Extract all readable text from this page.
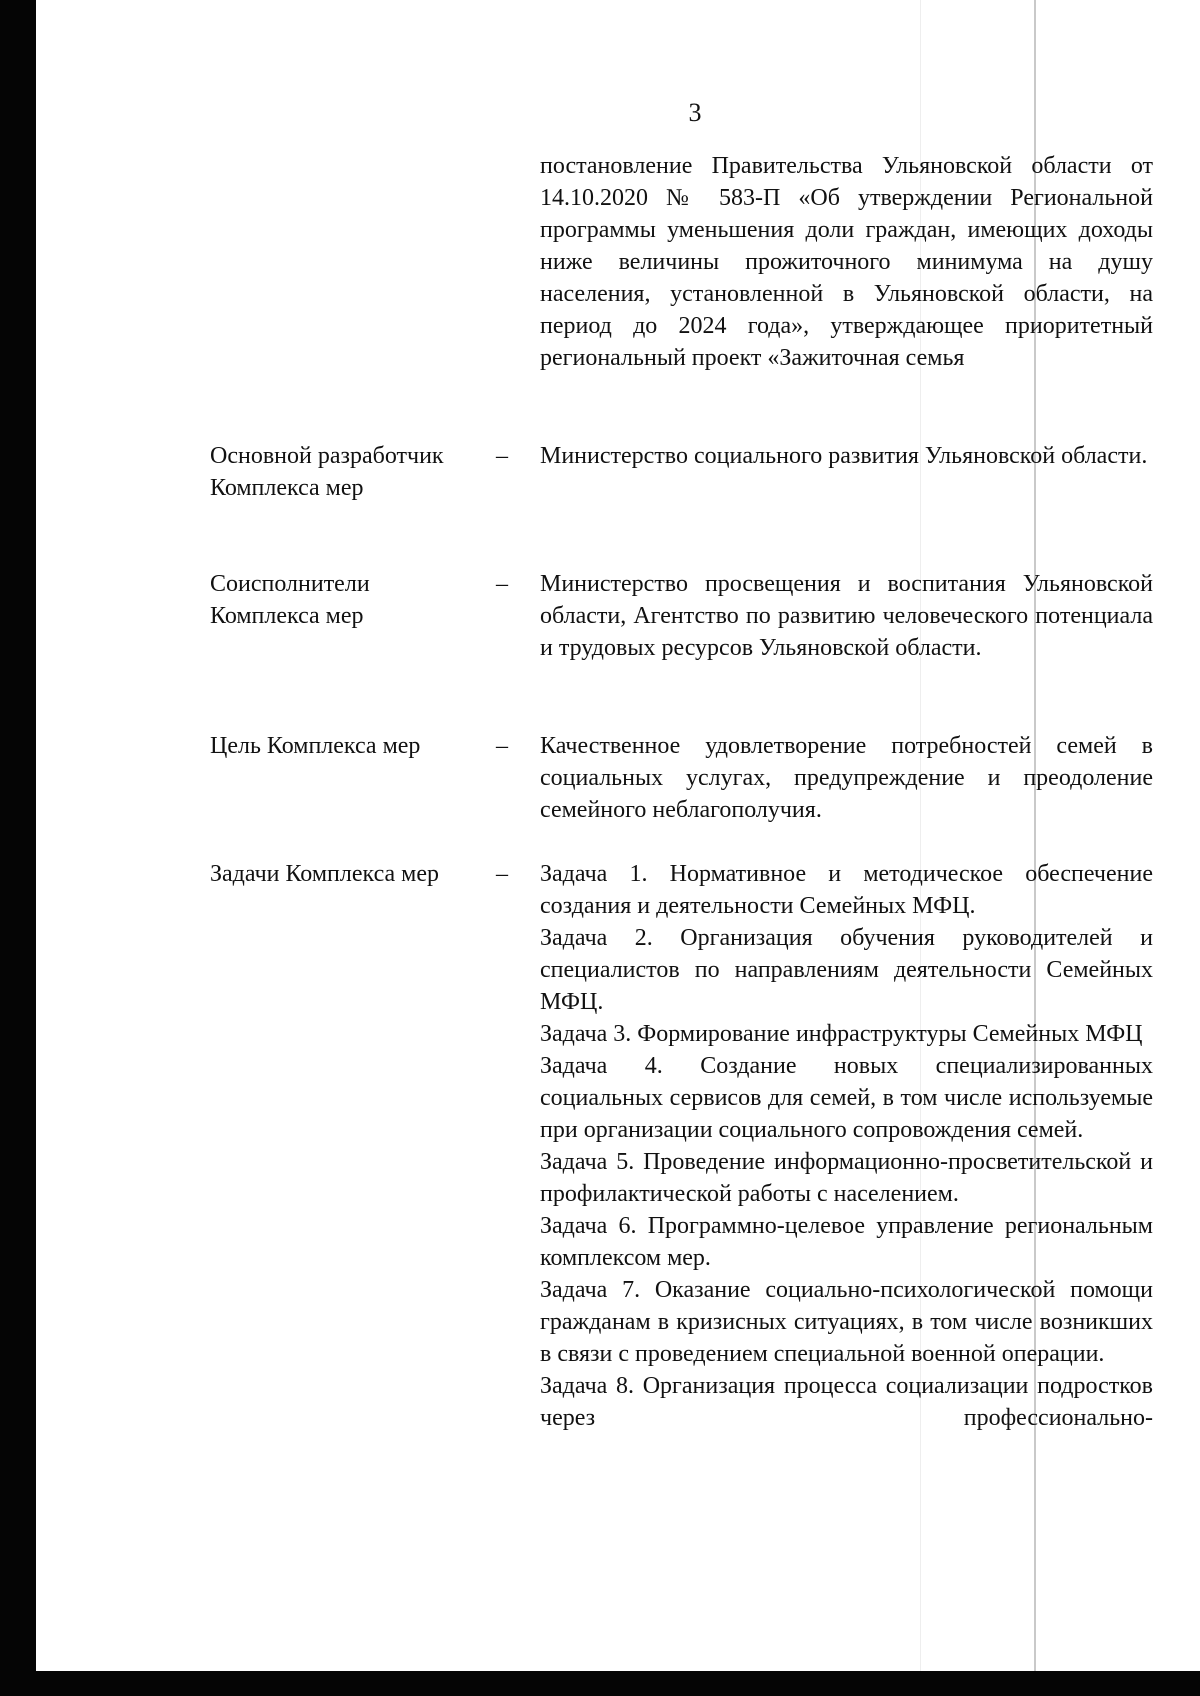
3

постановление Правительства Ульяновской области от 14.10.2020 № 583-П «Об утверждении Региональной программы уменьшения доли граждан, имеющих доходы ниже величины прожиточного минимума на душу населения, установленной в Ульяновской области, на период до 2024 года», утверждающее приоритетный региональный проект «Зажиточная семья

Основной разработчик Комплекса мер
– Министерство социального развития Ульяновской области.

Соисполнители Комплекса мер
– Министерство просвещения и воспитания Ульяновской области, Агентство по развитию человеческого потенциала и трудовых ресурсов Ульяновской области.

Цель Комплекса мер	– Качественное удовлетворение потребностей семей в социальных услугах, предупреждение и преодоление семейного неблагополучия.

Задачи Комплекса мер	– Задача 1. Нормативное и методическое обеспечение создания и деятельности Семейных МФЦ.

Задача 2. Организация обучения руководителей и специалистов по направлениям деятельности Семейных МФЦ.

Задача 3. Формирование инфраструктуры Семейных МФЦ

Задача 4. Создание новых специализированных социальных сервисов для семей, в том числе используемые при организации социального сопровождения семей.

Задача 5. Проведение информационно-просветительской и профилактической работы с населением.

Задача 6. Программно-целевое управление региональным комплексом мер.

Задача 7. Оказание социально-психологической помощи гражданам в кризисных ситуациях, в том числе возникших в связи с проведением специальной военной операции.

Задача 8. Организация процесса социализации подростков через профессионально-
